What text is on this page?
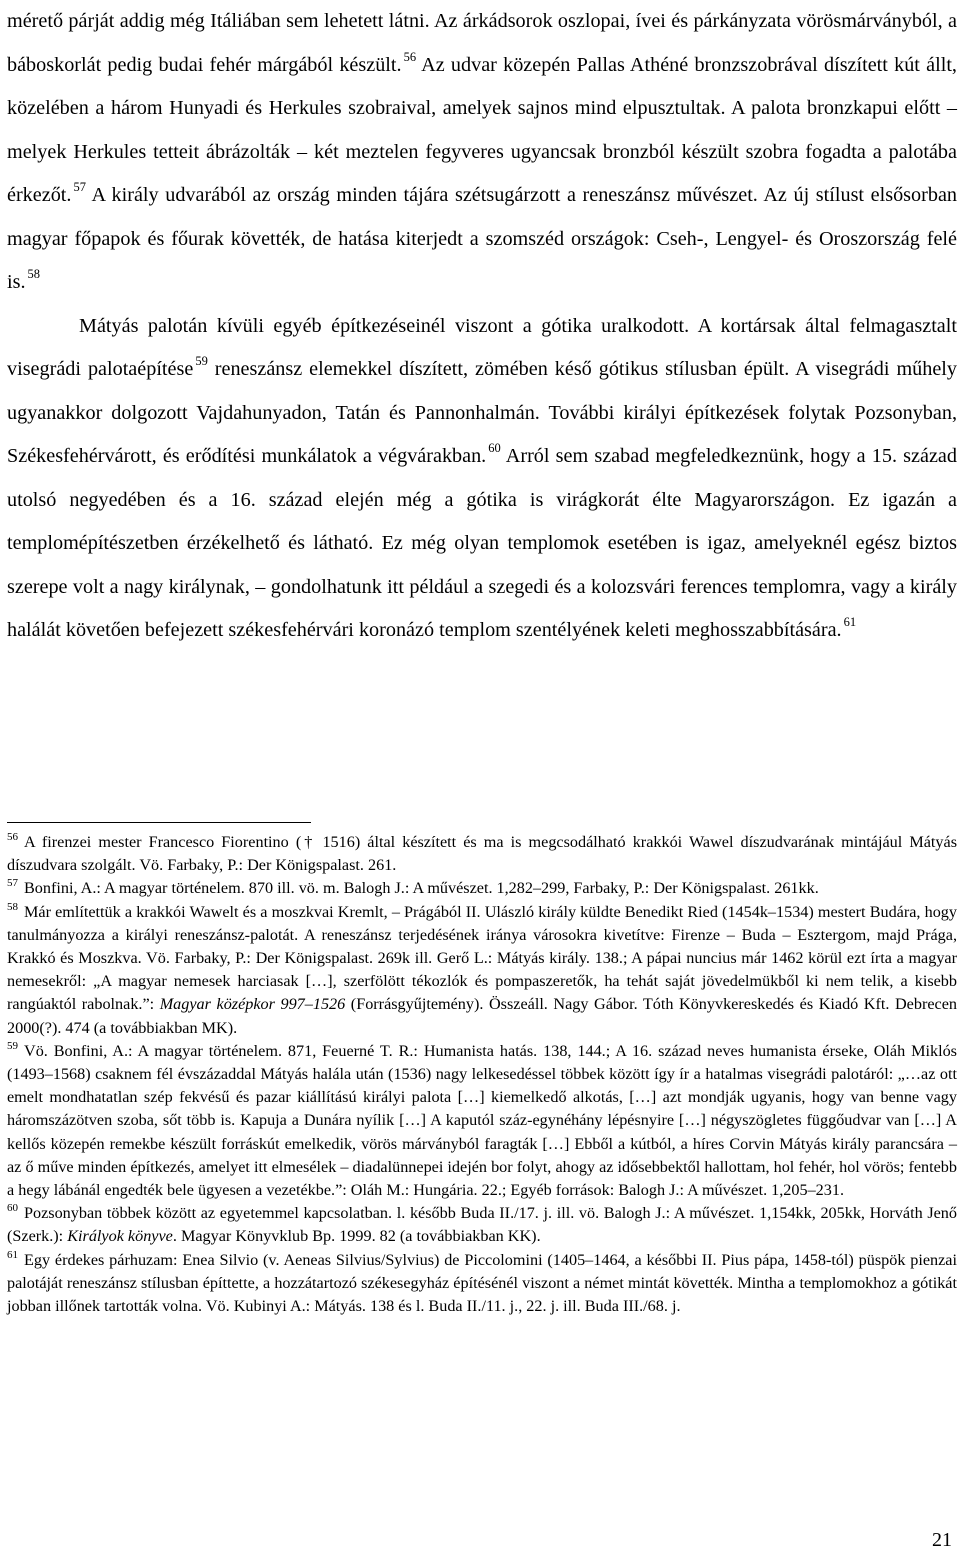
mérető párját addig még Itáliában sem lehetett látni. Az árkádsorok oszlopai, ívei és párkányzata vörösmárványból, a báboskorlát pedig budai fehér márgából készült. $^{56}$ Az udvar közepén Pallas Athéné bronzszobrával díszített kút állt, közelében a három Hunyadi és Herkules szobraival, amelyek sajnos mind elpusztultak. A palota bronzkapui előtt – melyek Herkules tetteit ábrázolták – két meztelen fegyveres ugyancsak bronzból készült szobra fogadta a palotába érkezőt. $^{57}$ A király udvarából az ország minden tájára szétsugárzott a reneszánsz művészet. Az új stílust elsősorban magyar főpapok és főurak követték, de hatása kiterjedt a szomszéd országok: Cseh-, Lengyel- és Oroszország felé is. $^{58}$

Mátyás palotán kívüli egyéb építkezéseinél viszont a gótika uralkodott. A kortársak által felmagasztalt visegrádi palotaépítése $^{59}$ reneszánsz elemekkel díszített, zömében késő gótikus stílusban épült. A visegrádi műhely ugyanakkor dolgozott Vajdahunyadon, Tatán és Pannonhalmán. További királyi építkezések folytak Pozsonyban, Székesfehérvárott, és erődítési munkálatok a végvárakban. $^{60}$ Arról sem szabad megfeledkeznünk, hogy a 15. század utolsó negyedében és a 16. század elején még a gótika is virágkorát élte Magyarországon. Ez igazán a templomépítészetben érzékelhető és látható. Ez még olyan templomok esetében is igaz, amelyeknél egész biztos szerepe volt a nagy királynak, – gondolhatunk itt például a szegedi és a kolozsvári ferences templomra, vagy a király halálát követően befejezett székesfehérvári koronázó templom szentélyének keleti meghosszabbítására. $^{61}$

$^{56}$ A firenzei mester Francesco Fiorentino († 1516) által készített és ma is megcsodálható krakkói Wawel díszudvarának mintájául Mátyás díszudvara szolgált. Vö. Farbaky, P.: Der Königspalast. 261.

$^{57}$ Bonfini, A.: A magyar történelem. 870 ill. vö. m. Balogh J.: A művészet. 1,282–299, Farbaky, P.: Der Königspalast. 261kk.

$^{58}$ Már említettük a krakkói Wawelt és a moszkvai Kremlt, – Prágából II. Ulászló király küldte Benedikt Ried (1454k–1534) mestert Budára, hogy tanulmányozza a királyi reneszánsz-palotát. A reneszánsz terjedésének iránya városokra kivetítve: Firenze – Buda – Esztergom, majd Prága, Krakkó és Moszkva. Vö. Farbaky, P.: Der Königspalast. 269k ill. Gerő L.: Mátyás király. 138.; A pápai nuncius már 1462 körül ezt írta a magyar nemesekről: „A magyar nemesek harciasak […], szerfölött tékozlók és pompaszeretők, ha tehát saját jövedelmükből ki nem telik, a kisebb rangúaktól rabolnak.”: Magyar középkor 997–1526 (Forrásgyűjtemény). Összeáll. Nagy Gábor. Tóth Könyvkereskedés és Kiadó Kft. Debrecen 2000(?). 474 (a továbbiakban MK).

$^{59}$ Vö. Bonfini, A.: A magyar történelem. 871, Feuerné T. R.: Humanista hatás. 138, 144.; A 16. század neves humanista érseke, Oláh Miklós (1493–1568) csaknem fél évszázaddal Mátyás halála után (1536) nagy lelkesedéssel többek között így ír a hatalmas visegrádi palotáról: „…az ott emelt mondhatatlan szép fekvésű és pazar kiállítású királyi palota […] kiemelkedő alkotás, […] azt mondják ugyanis, hogy van benne vagy háromszázötven szoba, sőt több is. Kapuja a Dunára nyílik […] A kaputól száz-egynéhány lépésnyire […] négyszögletes függőudvar van […] A kellős közepén remekbe készült forráskút emelkedik, vörös márványból faragták […] Ebből a kútból, a híres Corvin Mátyás király parancsára – az ő műve minden építkezés, amelyet itt elmesélek – diadalünnepei idején bor folyt, ahogy az idősebbektől hallottam, hol fehér, hol vörös; fentebb a hegy lábánál engedték bele ügyesen a vezetékbe.”: Oláh M.: Hungária. 22.; Egyéb források: Balogh J.: A művészet. 1,205–231.

$^{60}$ Pozsonyban többek között az egyetemmel kapcsolatban. l. később Buda II./17. j. ill. vö. Balogh J.: A művészet. 1,154kk, 205kk, Horváth Jenő (Szerk.): Királyok könyve. Magyar Könyvklub Bp. 1999. 82 (a továbbiakban KK).

$^{61}$ Egy érdekes párhuzam: Enea Silvio (v. Aeneas Silvius/Sylvius) de Piccolomini (1405–1464, a későbbi II. Pius pápa, 1458-tól) püspök pienzai palotáját reneszánsz stílusban építtette, a hozzátartozó székesegyház építésénél viszont a német mintát követték. Mintha a templomokhoz a gótikát jobban illőnek tartották volna. Vö. Kubinyi A.: Mátyás. 138 és l. Buda II./11. j., 22. j. ill. Buda III./68. j.

21
